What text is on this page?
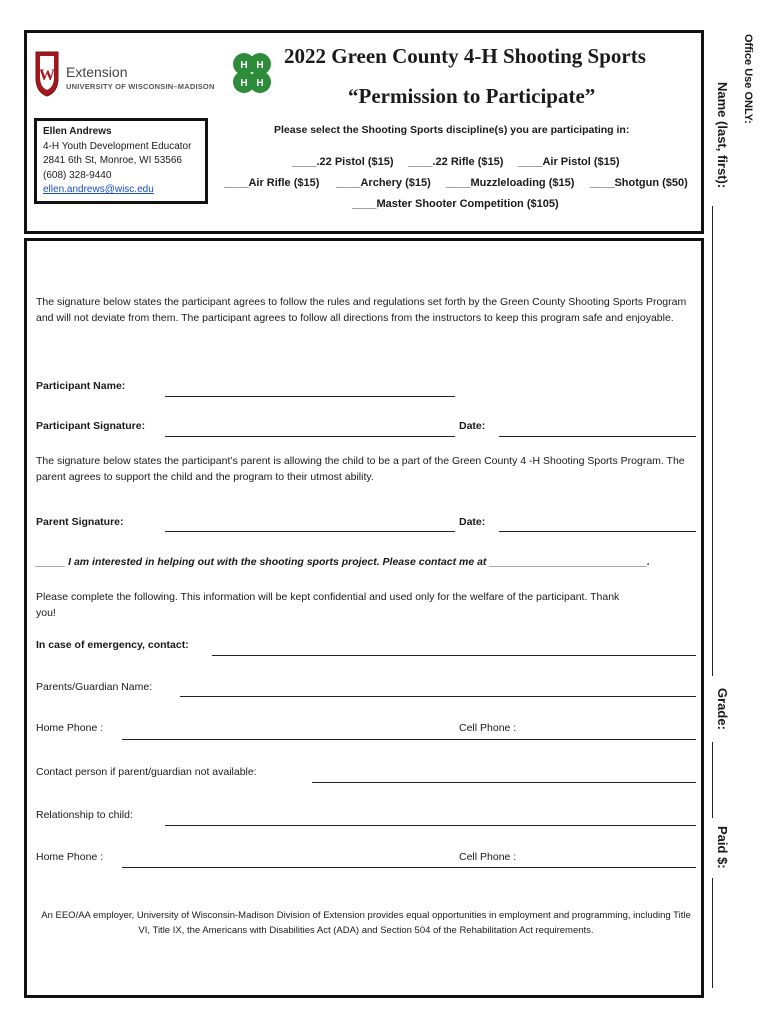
W Extension
UNIVERSITY OF WISCONSIN–MADISON
H H
H H
2022 Green County 4-H Shooting Sports
“Permission to Participate”
Ellen Andrews
4-H Youth Development Educator
2841 6th St, Monroe, WI 53566
(608) 328-9440
ellen.andrews@wisc.edu
Please select the Shooting Sports discipline(s) you are participating in:
____.22 Pistol ($15) ____.22 Rifle ($15) ____Air Pistol ($15)
____Air Rifle ($15) ____Archery ($15) ____Muzzleloading ($15) ____Shotgun ($50)
____Master Shooter Competition ($105)
The signature below states the participant agrees to follow the rules and regulations set forth by the Green County Shooting Sports Program and will not deviate from them. The participant agrees to follow all directions from the instructors to keep this program safe and enjoyable.
Participant Name:
Participant Signature:	Date:
The signature below states the participant’s parent is allowing the child to be a part of the Green County 4 -H Shooting Sports Program. The parent agrees to support the child and the program to their utmost ability.
Parent Signature:	Date:
_____ I am interested in helping out with the shooting sports project. Please contact me at ___________________________.
Please complete the following. This information will be kept confidential and used only for the welfare of the participant. Thank you!
In case of emergency, contact:
Parents/Guardian Name:
Home Phone :	Cell Phone :
Contact person if parent/guardian not available:
Relationship to child:
Home Phone :	Cell Phone :
An EEO/AA employer, University of Wisconsin-Madison Division of Extension provides equal opportunities in employment and programming, including Title VI, Title IX, the Americans with Disabilities Act (ADA) and Section 504 of the Rehabilitation Act requirements.
Office Use ONLY:
Name (last, first):
Grade:
Paid $:
